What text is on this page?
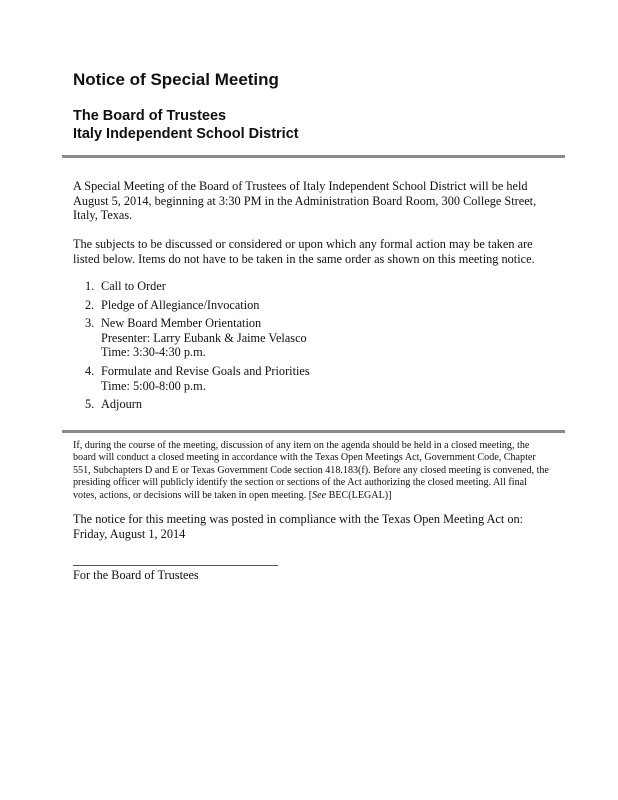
Notice of Special Meeting
The Board of Trustees
Italy Independent School District

A Special Meeting of the Board of Trustees of Italy Independent School District will be held August 5, 2014, beginning at 3:30 PM in the Administration Board Room, 300 College Street, Italy, Texas.

The subjects to be discussed or considered or upon which any formal action may be taken are listed below. Items do not have to be taken in the same order as shown on this meeting notice.

1. Call to Order
2. Pledge of Allegiance/Invocation
3. New Board Member Orientation
Presenter: Larry Eubank & Jaime Velasco
Time: 3:30-4:30 p.m.
4. Formulate and Revise Goals and Priorities
Time: 5:00-8:00 p.m.
5. Adjourn

If, during the course of the meeting, discussion of any item on the agenda should be held in a closed meeting, the board will conduct a closed meeting in accordance with the Texas Open Meetings Act, Government Code, Chapter 551, Subchapters D and E or Texas Government Code section 418.183(f). Before any closed meeting is convened, the presiding officer will publicly identify the section or sections of the Act authorizing the closed meeting. All final votes, actions, or decisions will be taken in open meeting. [See BEC(LEGAL)]

The notice for this meeting was posted in compliance with the Texas Open Meeting Act on:
Friday, August 1, 2014
For the Board of Trustees
